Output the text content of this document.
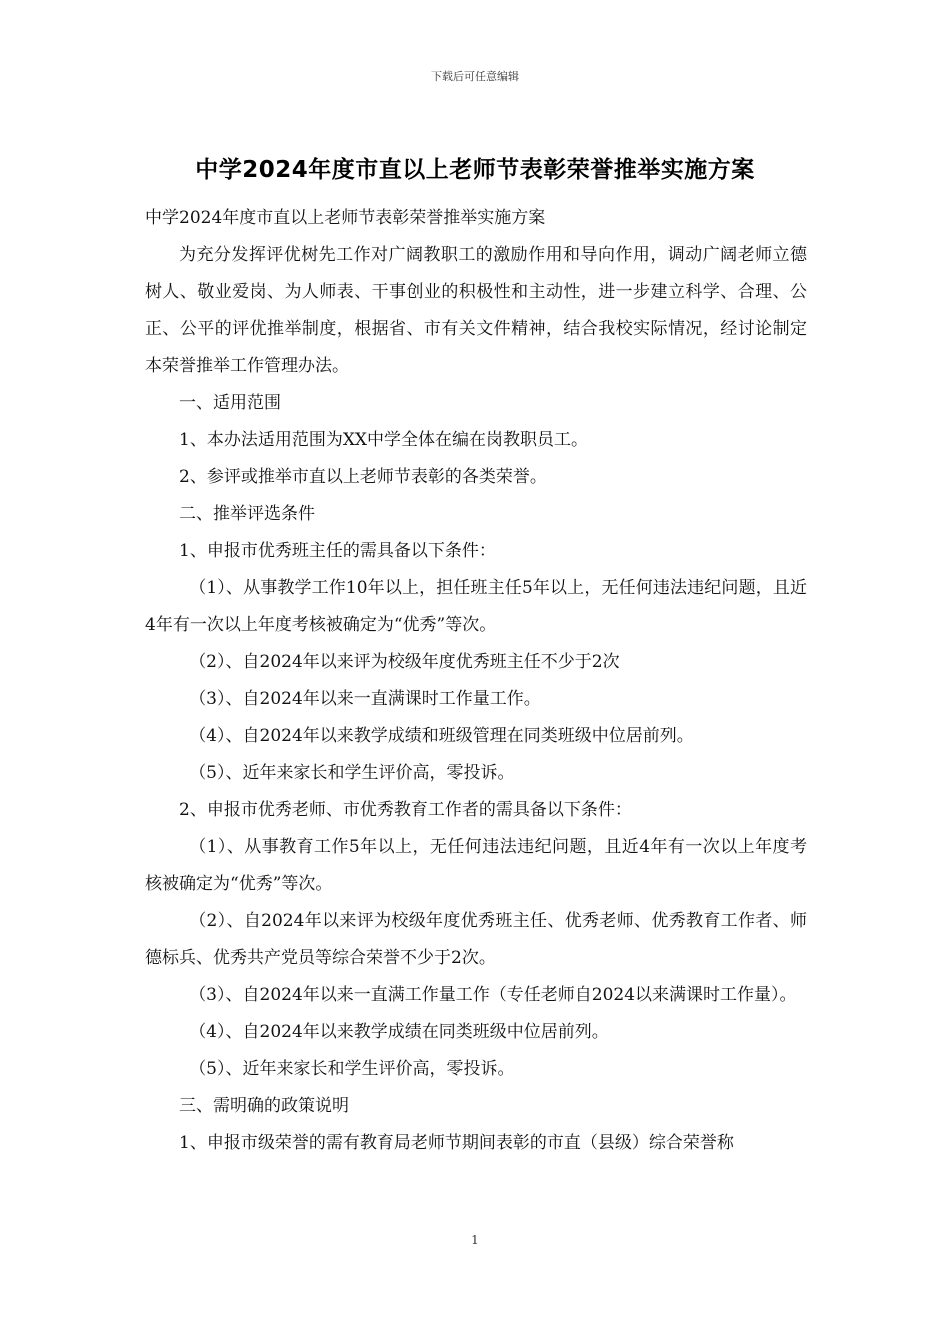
下载后可任意编辑
中学2024年度市直以上老师节表彰荣誉推举实施方案

中学2024年度市直以上老师节表彰荣誉推举实施方案

为充分发挥评优树先工作对广阔教职工的激励作用和导向作用，调动广阔老师立德树人、敬业爱岗、为人师表、干事创业的积极性和主动性，进一步建立科学、合理、公正、公平的评优推举制度，根据省、市有关文件精神，结合我校实际情况，经讨论制定本荣誉推举工作管理办法。

一、适用范围

1、本办法适用范围为XX中学全体在编在岗教职员工。

2、参评或推举市直以上老师节表彰的各类荣誉。

二、推举评选条件

1、申报市优秀班主任的需具备以下条件：

（1）、从事教学工作10年以上，担任班主任5年以上，无任何违法违纪问题，且近4年有一次以上年度考核被确定为“优秀”等次。

（2）、自2024年以来评为校级年度优秀班主任不少于2次

（3）、自2024年以来一直满课时工作量工作。

（4）、自2024年以来教学成绩和班级管理在同类班级中位居前列。

（5）、近年来家长和学生评价高，零投诉。

2、申报市优秀老师、市优秀教育工作者的需具备以下条件：

（1）、从事教育工作5年以上，无任何违法违纪问题，且近4年有一次以上年度考核被确定为“优秀”等次。

（2）、自2024年以来评为校级年度优秀班主任、优秀老师、优秀教育工作者、师德标兵、优秀共产党员等综合荣誉不少于2次。

（3）、自2024年以来一直满工作量工作（专任老师自2024以来满课时工作量）。

（4）、自2024年以来教学成绩在同类班级中位居前列。

（5）、近年来家长和学生评价高，零投诉。

三、需明确的政策说明

1、申报市级荣誉的需有教育局老师节期间表彰的市直（县级）综合荣誉称

1
